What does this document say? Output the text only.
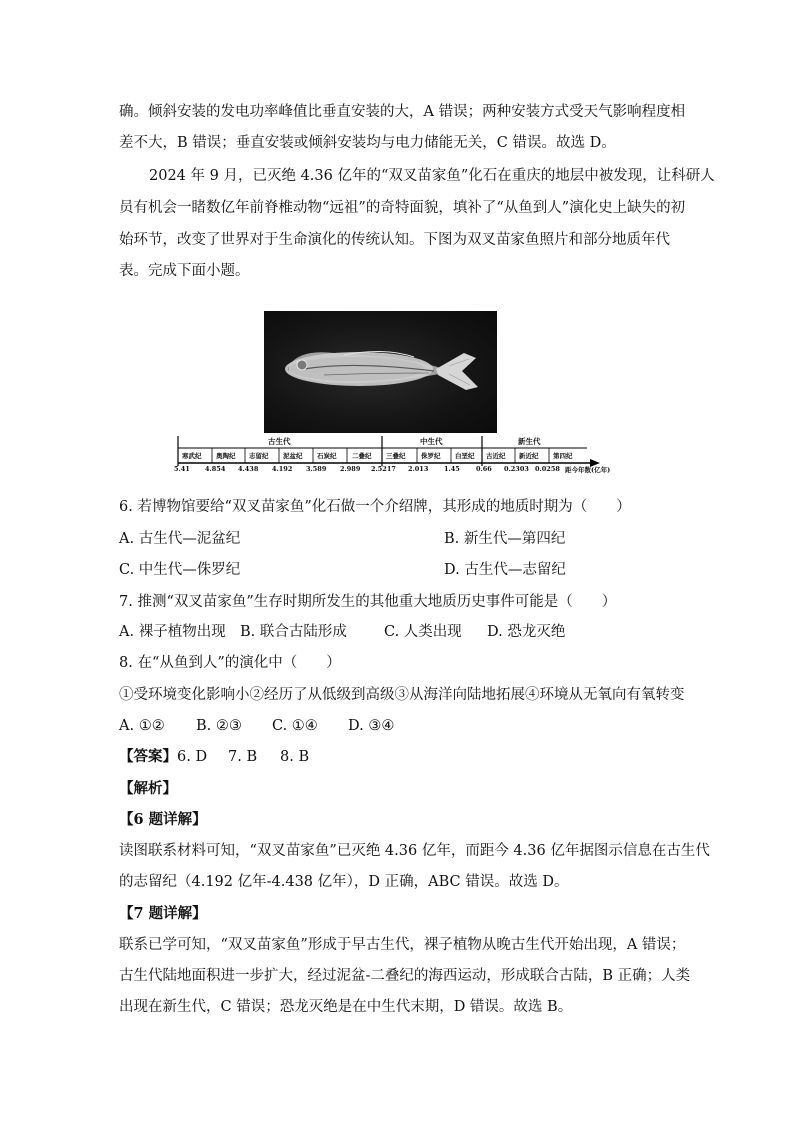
确。倾斜安装的发电功率峰值比垂直安装的大，A 错误；两种安装方式受天气影响程度相
差不大，B 错误；垂直安装或倾斜安装均与电力储能无关，C 错误。故选 D。
2024 年 9 月，已灭绝 4.36 亿年的“双叉苗家鱼”化石在重庆的地层中被发现，让科研人
员有机会一睹数亿年前脊椎动物“远祖”的奇特面貌，填补了“从鱼到人”演化史上缺失的初
始环节，改变了世界对于生命演化的传统认知。下图为双叉苗家鱼照片和部分地质年代
表。完成下面小题。
古生代	中生代	新生代
寒武纪 奥陶纪 志留纪 泥盆纪 石炭纪 二叠纪 三叠纪 侏罗纪 白垩纪 古近纪 新近纪 第四纪
5.41 4.854 4.438 4.192 3.589 2.989 2.5217 2.013 1.45 0.66 0.2303 0.0258 距今年数(亿年)
6. 若博物馆要给“双叉苗家鱼”化石做一个介绍牌，其形成的地质时期为（　　）
A. 古生代—泥盆纪	B. 新生代—第四纪
C. 中生代—侏罗纪	D. 古生代—志留纪
7. 推测“双叉苗家鱼”生存时期所发生的其他重大地质历史事件可能是（　　）
A. 裸子植物出现 B. 联合古陆形成	C. 人类出现 D. 恐龙灭绝
8. 在“从鱼到人”的演化中（　　）
①受环境变化影响小②经历了从低级到高级③从海洋向陆地拓展④环境从无氧向有氧转变
A. ①② B. ②③ C. ①④ D. ③④
【答案】 6. D 7. B 8. B
【解析】
【6 题详解】
读图联系材料可知，“双叉苗家鱼”已灭绝 4.36 亿年，而距今 4.36 亿年据图示信息在古生代
的志留纪（4.192 亿年-4.438 亿年），D 正确，ABC 错误。故选 D。
【7 题详解】
联系已学可知，“双叉苗家鱼”形成于早古生代，裸子植物从晚古生代开始出现，A 错误；
古生代陆地面积进一步扩大，经过泥盆-二叠纪的海西运动，形成联合古陆，B 正确；人类
出现在新生代，C 错误；恐龙灭绝是在中生代末期，D 错误。故选 B。
